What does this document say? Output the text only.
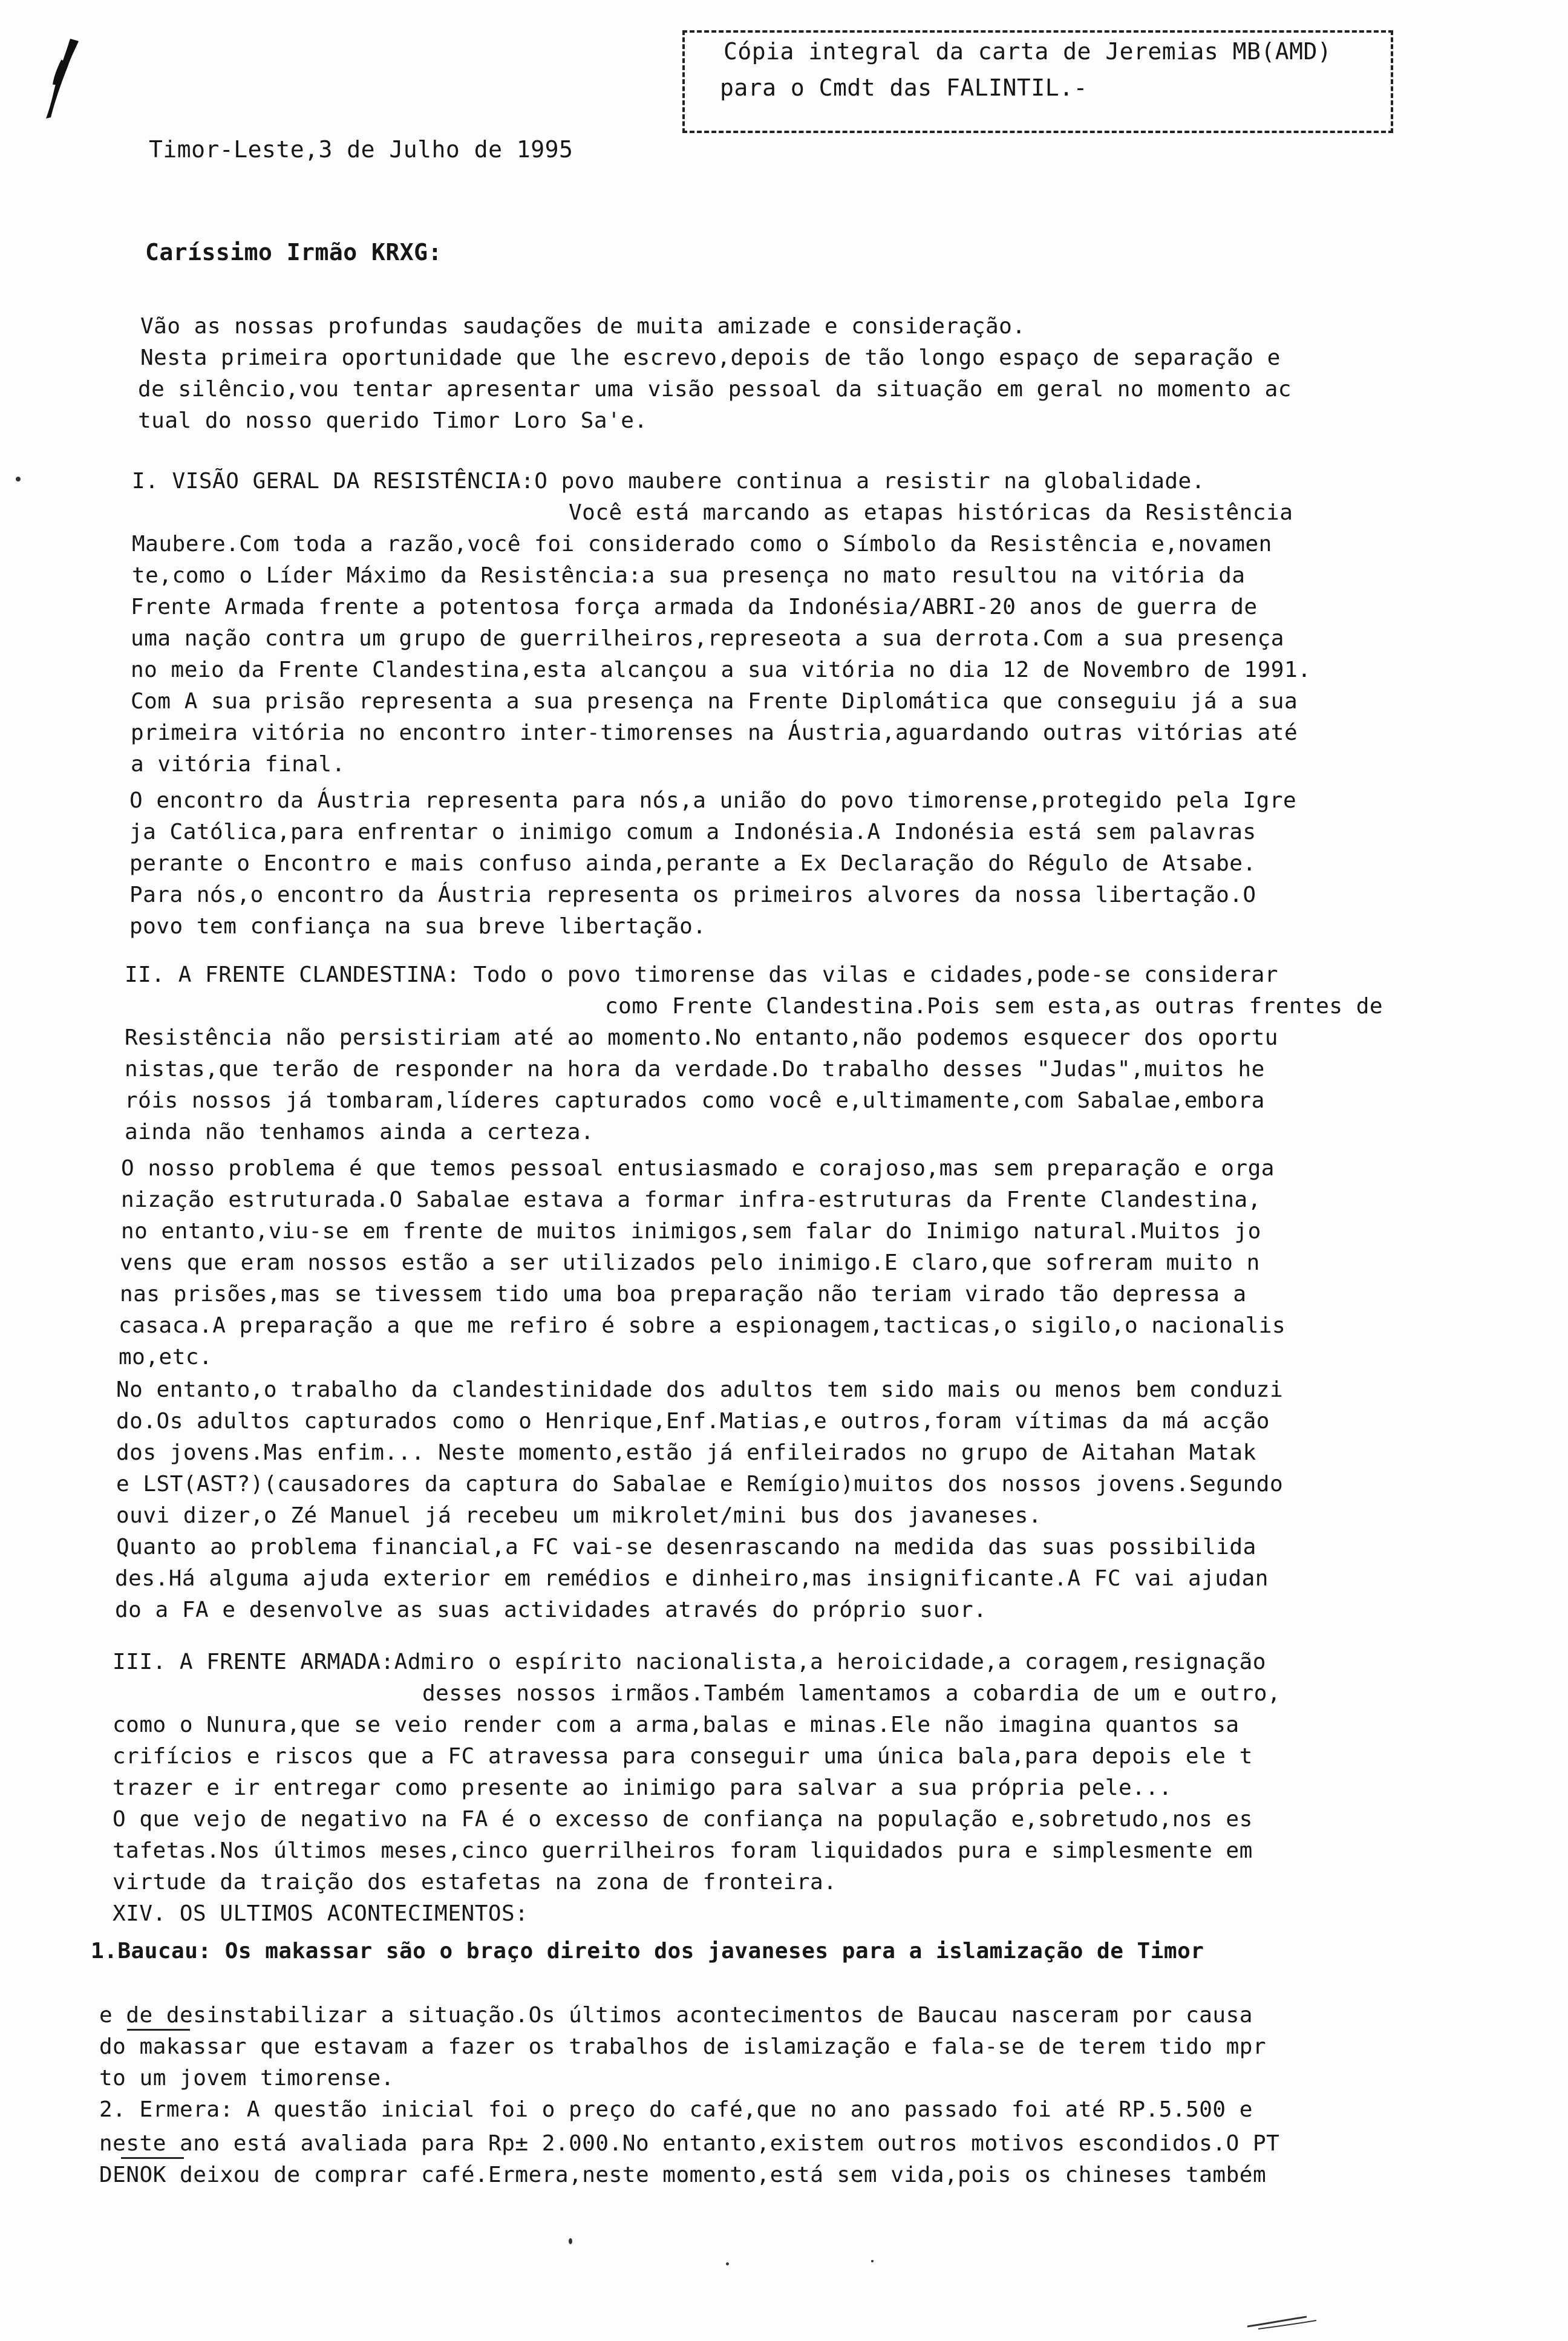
Cópia integral da carta de Jeremias MB(AMD)
para o Cmdt das FALINTIL.-
Timor-Leste,3 de Julho de 1995
Caríssimo Irmão KRXG:
Vão as nossas profundas saudações de muita amizade e consideração.
Nesta primeira oportunidade que lhe escrevo,depois de tão longo espaço de separação e
de silêncio,vou tentar apresentar uma visão pessoal da situação em geral no momento ac
tual do nosso querido Timor Loro Sa'e.
I. VISÃO GERAL DA RESISTÊNCIA:O povo maubere continua a resistir na globalidade.
Você está marcando as etapas históricas da Resistência
Maubere.Com toda a razão,você foi considerado como o Símbolo da Resistência e,novamen
te,como o Líder Máximo da Resistência:a sua presença no mato resultou na vitória da
Frente Armada frente a potentosa força armada da Indonésia/ABRI-20 anos de guerra de
uma nação contra um grupo de guerrilheiros,represeota a sua derrota.Com a sua presença
no meio da Frente Clandestina,esta alcançou a sua vitória no dia 12 de Novembro de 1991.
Com A sua prisão representa a sua presença na Frente Diplomática que conseguiu já a sua
primeira vitória no encontro inter-timorenses na Áustria,aguardando outras vitórias até
a vitória final.
O encontro da Áustria representa para nós,a união do povo timorense,protegido pela Igre
ja Católica,para enfrentar o inimigo comum a Indonésia.A Indonésia está sem palavras
perante o Encontro e mais confuso ainda,perante a Ex Declaração do Régulo de Atsabe.
Para nós,o encontro da Áustria representa os primeiros alvores da nossa libertação.O
povo tem confiança na sua breve libertação.
II. A FRENTE CLANDESTINA: Todo o povo timorense das vilas e cidades,pode-se considerar
como Frente Clandestina.Pois sem esta,as outras frentes de
Resistência não persistiriam até ao momento.No entanto,não podemos esquecer dos oportu
nistas,que terão de responder na hora da verdade.Do trabalho desses "Judas",muitos he
róis nossos já tombaram,líderes capturados como você e,ultimamente,com Sabalae,embora
ainda não tenhamos ainda a certeza.
O nosso problema é que temos pessoal entusiasmado e corajoso,mas sem preparação e orga
nização estruturada.O Sabalae estava a formar infra-estruturas da Frente Clandestina,
no entanto,viu-se em frente de muitos inimigos,sem falar do Inimigo natural.Muitos jo
vens que eram nossos estão a ser utilizados pelo inimigo.E claro,que sofreram muito n
nas prisões,mas se tivessem tido uma boa preparação não teriam virado tão depressa a
casaca.A preparação a que me refiro é sobre a espionagem,tacticas,o sigilo,o nacionalis
mo,etc.
No entanto,o trabalho da clandestinidade dos adultos tem sido mais ou menos bem conduzi
do.Os adultos capturados como o Henrique,Enf.Matias,e outros,foram vítimas da má acção
dos jovens.Mas enfim... Neste momento,estão já enfileirados no grupo de Aitahan Matak
e LST(AST?)(causadores da captura do Sabalae e Remígio)muitos dos nossos jovens.Segundo
ouvi dizer,o Zé Manuel já recebeu um mikrolet/mini bus dos javaneses.
Quanto ao problema financial,a FC vai-se desenrascando na medida das suas possibilida
des.Há alguma ajuda exterior em remédios e dinheiro,mas insignificante.A FC vai ajudan
do a FA e desenvolve as suas actividades através do próprio suor.
III. A FRENTE ARMADA:Admiro o espírito nacionalista,a heroicidade,a coragem,resignação
desses nossos irmãos.Também lamentamos a cobardia de um e outro,
como o Nunura,que se veio render com a arma,balas e minas.Ele não imagina quantos sa
crifícios e riscos que a FC atravessa para conseguir uma única bala,para depois ele t
trazer e ir entregar como presente ao inimigo para salvar a sua própria pele...
O que vejo de negativo na FA é o excesso de confiança na população e,sobretudo,nos es
tafetas.Nos últimos meses,cinco guerrilheiros foram liquidados pura e simplesmente em
virtude da traição dos estafetas na zona de fronteira.
XIV. OS ULTIMOS ACONTECIMENTOS:
1.Baucau: Os makassar são o braço direito dos javaneses para a islamização de Timor
e de desinstabilizar a situação.Os últimos acontecimentos de Baucau nasceram por causa
do makassar que estavam a fazer os trabalhos de islamização e fala-se de terem tido mpr
to um jovem timorense.
2. Ermera: A questão inicial foi o preço do café,que no ano passado foi até RP.5.500 e
neste ano está avaliada para Rp± 2.000.No entanto,existem outros motivos escondidos.O PT
DENOK deixou de comprar café.Ermera,neste momento,está sem vida,pois os chineses também
